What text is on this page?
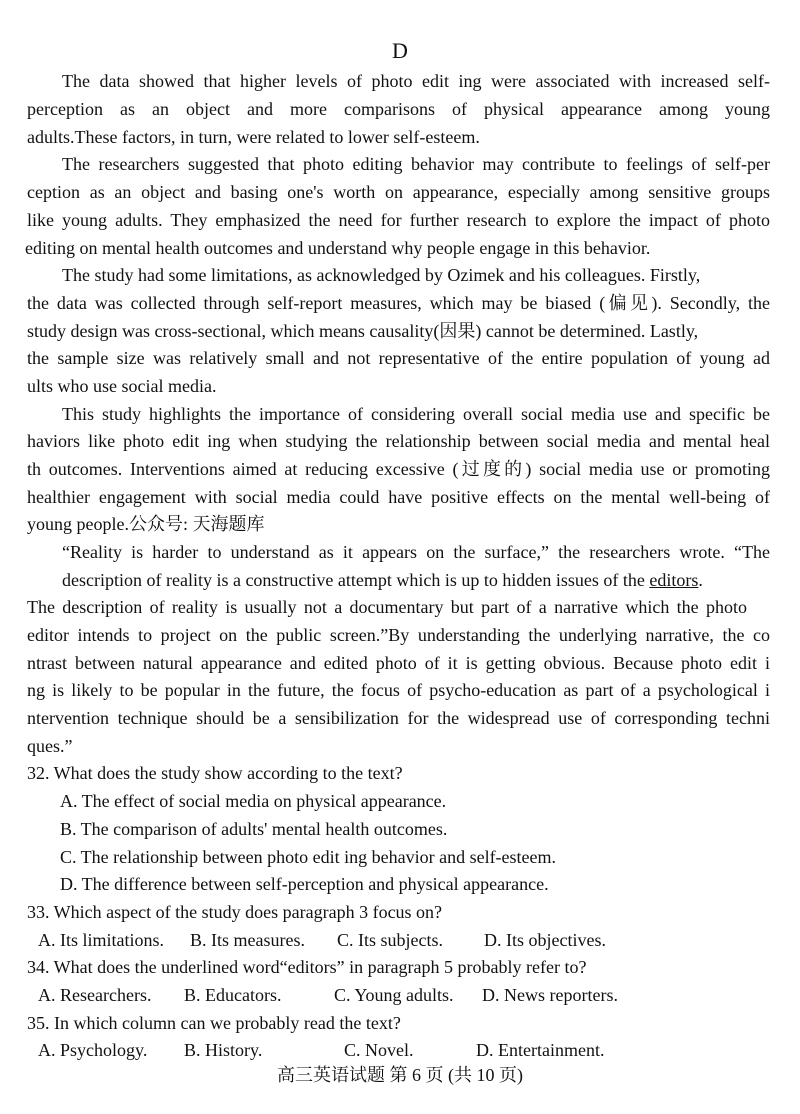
D
The data showed that higher levels of photo edit ing were associated with increased self-
perception as an object and more comparisons of physical appearance among young
adults.These factors, in turn, were related to lower self-esteem.
The researchers suggested that photo editing behavior may contribute to feelings of self-per
ception as an object and basing one's worth on appearance, especially among sensitive groups
like young adults. They emphasized the need for further research to explore the impact of photo
editing on mental health outcomes and understand why people engage in this behavior.
The study had some limitations, as acknowledged by Ozimek and his colleagues. Firstly,
the data was collected through self-report measures, which may be biased (偏见). Secondly, the
study design was cross-sectional, which means causality(因果) cannot be determined. Lastly,
the sample size was relatively small and not representative of the entire population of young ad
ults who use social media.
This study highlights the importance of considering overall social media use and specific be
haviors like photo edit ing when studying the relationship between social media and mental heal
th outcomes. Interventions aimed at reducing excessive (过度的) social media use or promoting
healthier engagement with social media could have positive effects on the mental well-being of
young people.公众号: 天海题库
“Reality is harder to understand as it appears on the surface,” the researchers wrote. “The
description of reality is a constructive attempt which is up to hidden issues of the editors.
The description of reality is usually not a documentary but part of a narrative which the photo
editor intends to project on the public screen.”By understanding the underlying narrative, the co
ntrast between natural appearance and edited photo of it is getting obvious. Because photo edit i
ng is likely to be popular in the future, the focus of psycho-education as part of a psychological i
ntervention technique should be a sensibilization for the widespread use of corresponding techni
ques.”
32. What does the study show according to the text?
A. The effect of social media on physical appearance.
B. The comparison of adults' mental health outcomes.
C. The relationship between photo edit ing behavior and self-esteem.
D. The difference between self-perception and physical appearance.
33. Which aspect of the study does paragraph 3 focus on?
A. Its limitations. B. Its measures. C. Its subjects. D. Its objectives.
34. What does the underlined word“editors” in paragraph 5 probably refer to?
A. Researchers. B. Educators.	C. Young adults. D. News reporters.
35. In which column can we probably read the text?
A. Psychology. B. History.	C. Novel.	D. Entertainment.
高三英语试题 第 6 页 (共 10 页)
